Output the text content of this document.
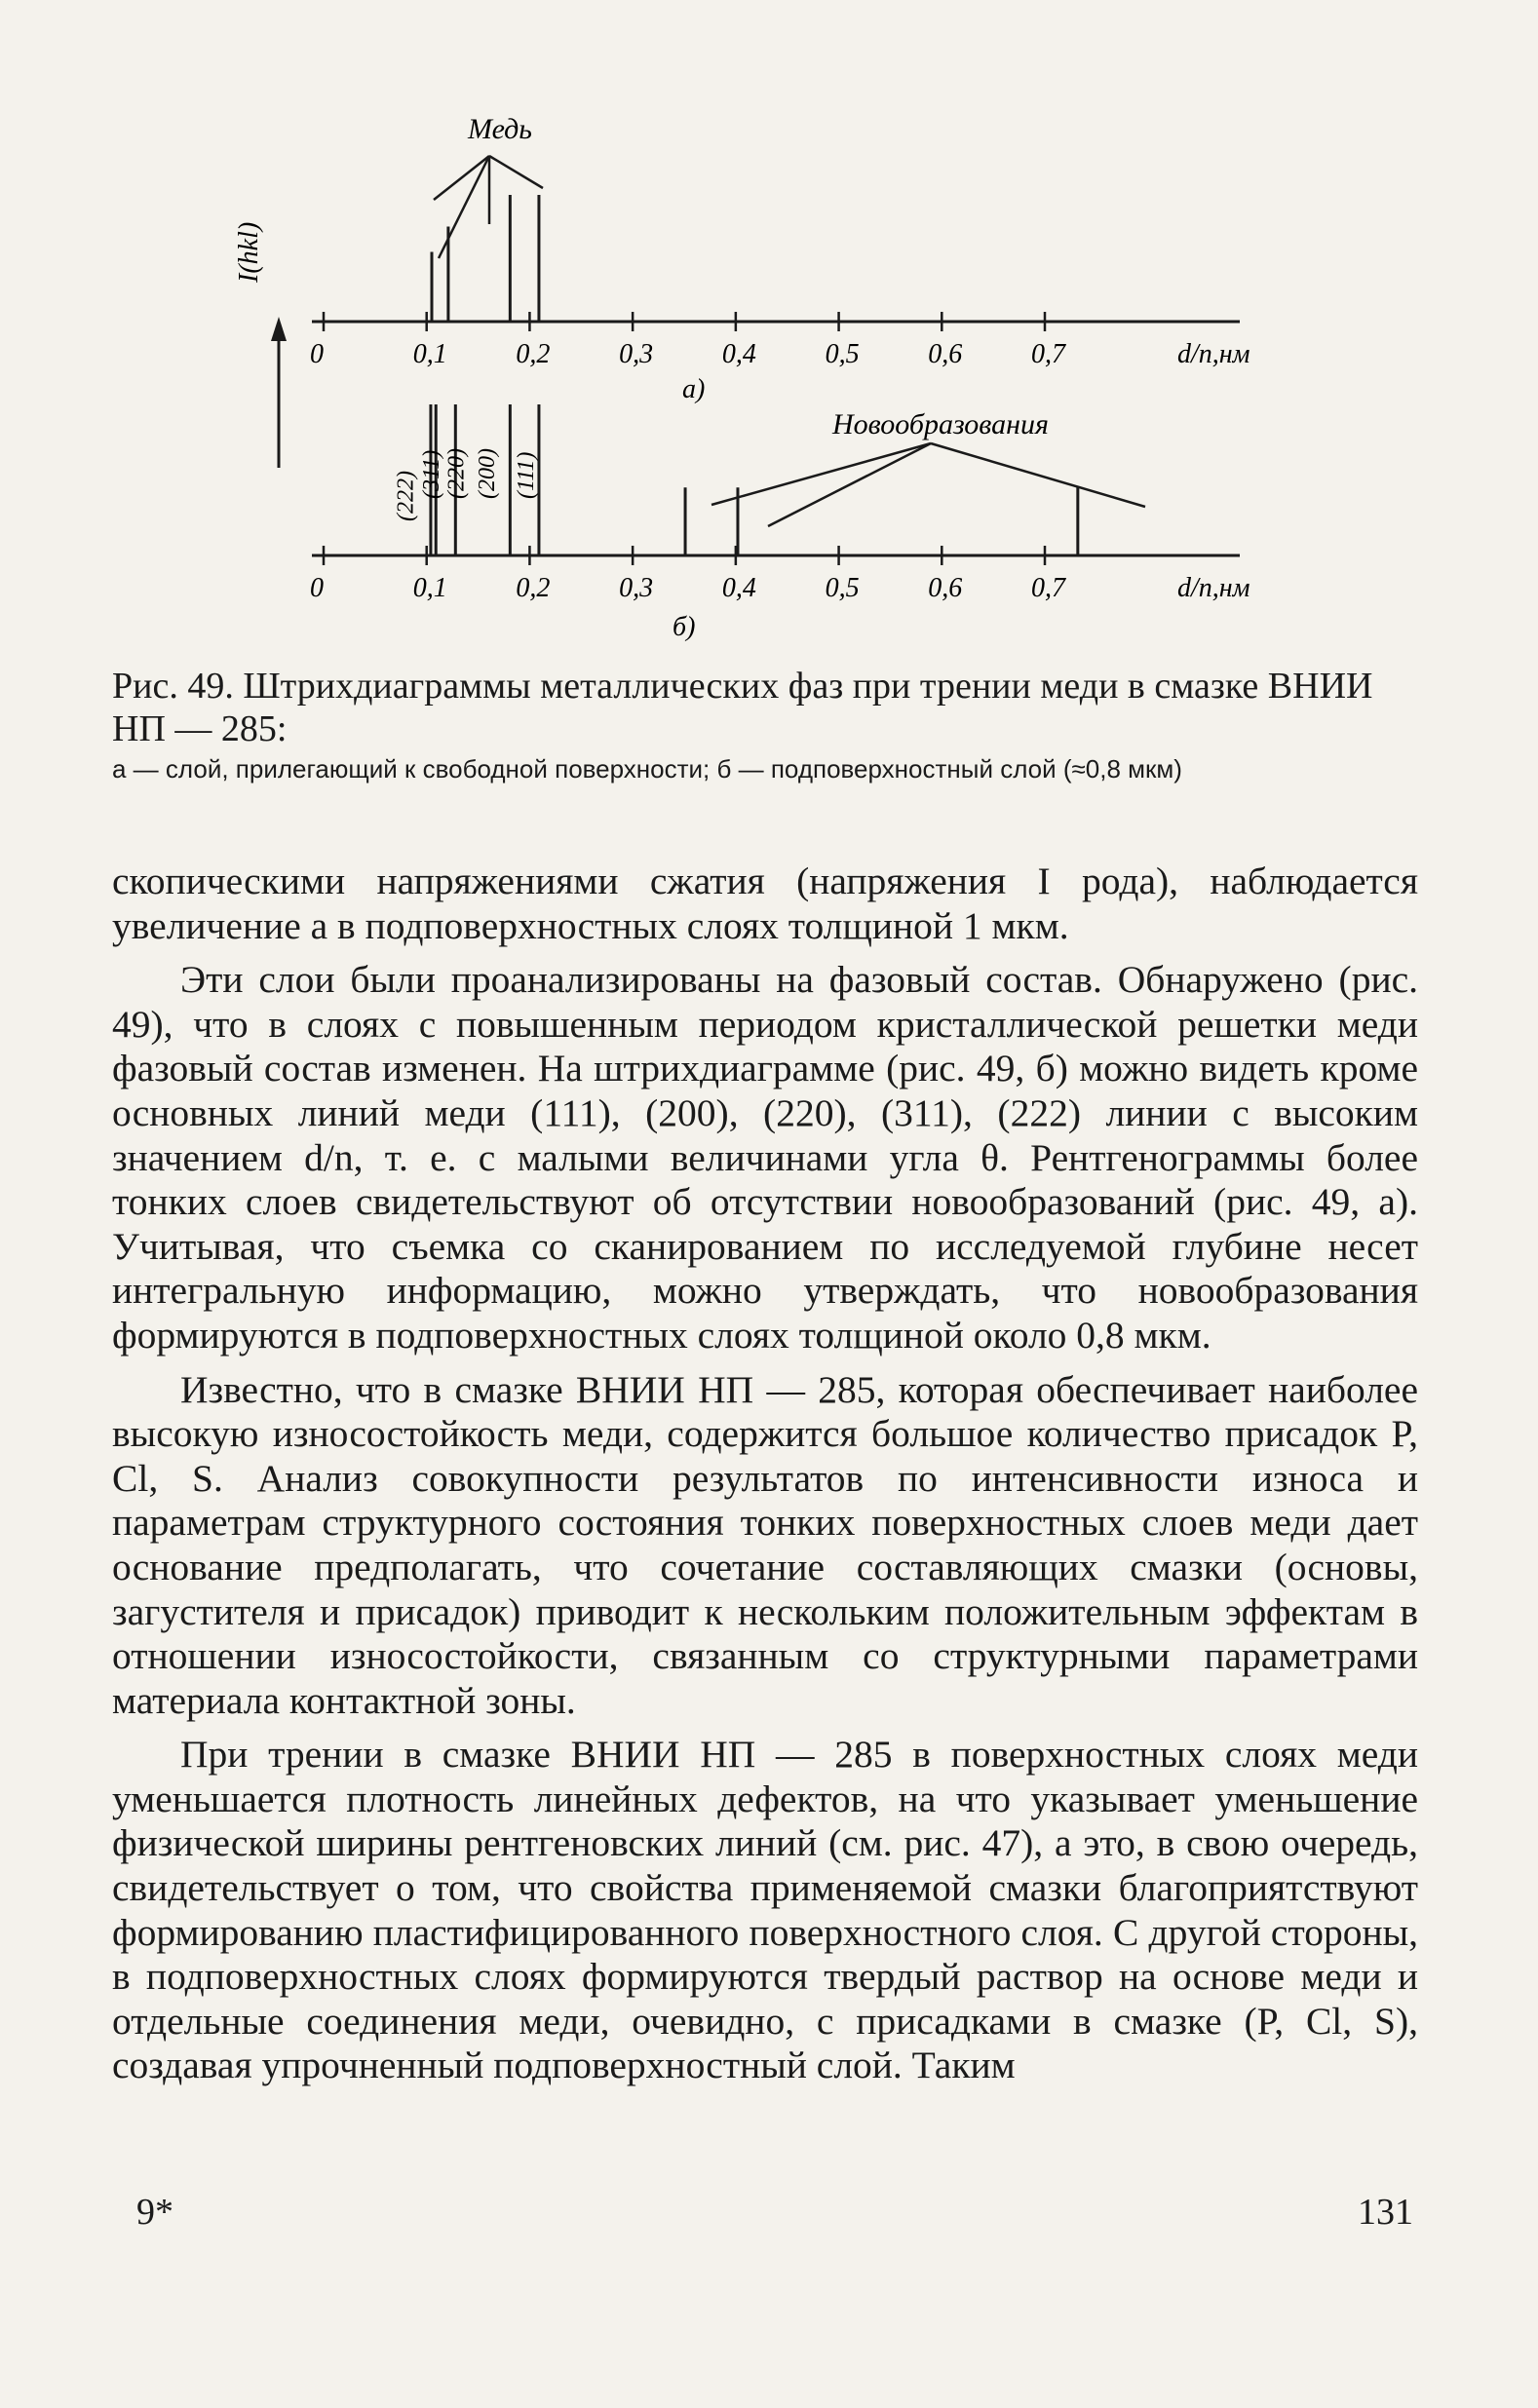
Медь
0	0,1	0,2	0,3	0,4	0,5	0,6	0,7
I(hkl)
d/n,нм
а)
Новообразования
0	0,1	0,2	0,3	0,4	0,5	0,6	0,7
(222) (311) (220) (200) (111)
d/n,нм
б)
Рис. 49. Штрихдиаграммы металлических фаз при трении меди в смазке ВНИИ НП — 285:
а — слой, прилегающий к свободной поверхности; б — подповерхностный слой (≈0,8 мкм)

скопическими напряжениями сжатия (напряжения I рода), наблюдается увеличение а в подповерхностных слоях толщиной 1 мкм.

Эти слои были проанализированы на фазовый состав. Обнаружено (рис. 49), что в слоях с повышенным периодом кристаллической решетки меди фазовый состав изменен. На штрихдиаграмме (рис. 49, б) можно видеть кроме основных линий меди (111), (200), (220), (311), (222) линии с высоким значением d/n, т. е. с малыми величинами угла θ. Рентгенограммы более тонких слоев свидетельствуют об отсутствии новообразований (рис. 49, а). Учитывая, что съемка со сканированием по исследуемой глубине несет интегральную информацию, можно утверждать, что новообразования формируются в подповерхностных слоях толщиной около 0,8 мкм.

Известно, что в смазке ВНИИ НП — 285, которая обеспечивает наиболее высокую износостойкость меди, содержится большое количество присадок P, Cl, S. Анализ совокупности результатов по интенсивности износа и параметрам структурного состояния тонких поверхностных слоев меди дает основание предполагать, что сочетание составляющих смазки (основы, загустителя и присадок) приводит к нескольким положительным эффектам в отношении износостойкости, связанным со структурными параметрами материала контактной зоны.

При трении в смазке ВНИИ НП — 285 в поверхностных слоях меди уменьшается плотность линейных дефектов, на что указывает уменьшение физической ширины рентгеновских линий (см. рис. 47), а это, в свою очередь, свидетельствует о том, что свойства применяемой смазки благоприятствуют формированию пластифицированного поверхностного слоя. С другой стороны, в подповерхностных слоях формируются твердый раствор на основе меди и отдельные соединения меди, очевидно, с присадками в смазке (P, Cl, S), создавая упрочненный подповерхностный слой. Таким

9*	131
